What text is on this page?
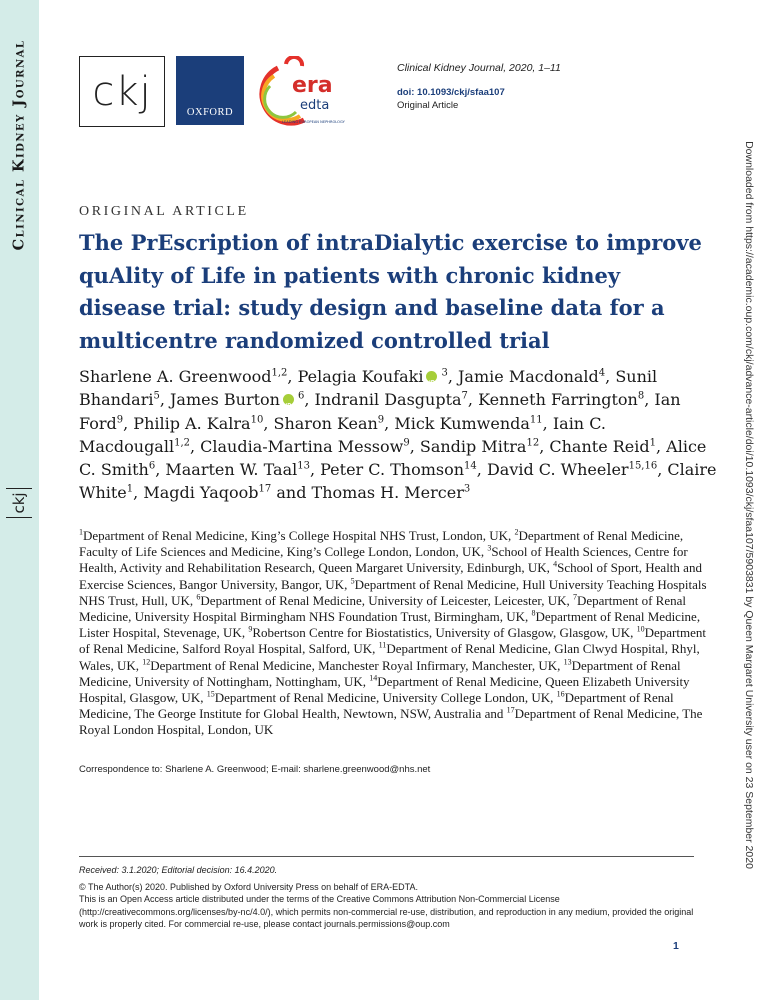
Clinical Kidney Journal
ckj
ckj	OXFORD
era
edta
LEADING EUROPEAN NEPHROLOGY
Clinical Kidney Journal, 2020, 1–11
doi: 10.1093/ckj/sfaa107
Original Article
Downloaded from https://academic.oup.com/ckj/advance-article/doi/10.1093/ckj/sfaa107/5903831 by Queen Margaret University user on 23 September 2020
ORIGINAL ARTICLE
The PrEscription of intraDialytic exercise to improve quAlity of Life in patients with chronic kidney disease trial: study design and baseline data for a multicentre randomized controlled trial
Sharlene A. Greenwood$^{1,2}$, Pelagia Koufaki iD $^3$, Jamie Macdonald$^4$, Sunil Bhandari$^5$, James Burton iD $^6$, Indranil Dasgupta$^7$, Kenneth Farrington$^8$, Ian Ford$^9$, Philip A. Kalra$^{10}$, Sharon Kean$^9$, Mick Kumwenda$^{11}$, Iain C. Macdougall$^{1,2}$, Claudia-Martina Messow$^9$, Sandip Mitra$^{12}$, Chante Reid$^1$, Alice C. Smith$^6$, Maarten W. Taal$^{13}$, Peter C. Thomson$^{14}$, David C. Wheeler$^{15,16}$, Claire White$^1$, Magdi Yaqoob$^{17}$ and Thomas H. Mercer$^3$
$^1$Department of Renal Medicine, King’s College Hospital NHS Trust, London, UK, $^2$Department of Renal Medicine, Faculty of Life Sciences and Medicine, King’s College London, London, UK, $^3$School of Health Sciences, Centre for Health, Activity and Rehabilitation Research, Queen Margaret University, Edinburgh, UK, $^4$School of Sport, Health and Exercise Sciences, Bangor University, Bangor, UK, $^5$Department of Renal Medicine, Hull University Teaching Hospitals NHS Trust, Hull, UK, $^6$Department of Renal Medicine, University of Leicester, Leicester, UK, $^7$Department of Renal Medicine, University Hospital Birmingham NHS Foundation Trust, Birmingham, UK, $^8$Department of Renal Medicine, Lister Hospital, Stevenage, UK, $^9$Robertson Centre for Biostatistics, University of Glasgow, Glasgow, UK, $^{10}$Department of Renal Medicine, Salford Royal Hospital, Salford, UK, $^{11}$Department of Renal Medicine, Glan Clwyd Hospital, Rhyl, Wales, UK, $^{12}$Department of Renal Medicine, Manchester Royal Infirmary, Manchester, UK, $^{13}$Department of Renal Medicine, University of Nottingham, Nottingham, UK, $^{14}$Department of Renal Medicine, Queen Elizabeth University Hospital, Glasgow, UK, $^{15}$Department of Renal Medicine, University College London, UK, $^{16}$Department of Renal Medicine, The George Institute for Global Health, Newtown, NSW, Australia and $^{17}$Department of Renal Medicine, The Royal London Hospital, London, UK
Correspondence to: Sharlene A. Greenwood; E-mail: sharlene.greenwood@nhs.net
Received: 3.1.2020; Editorial decision: 16.4.2020.
© The Author(s) 2020. Published by Oxford University Press on behalf of ERA-EDTA.
This is an Open Access article distributed under the terms of the Creative Commons Attribution Non-Commercial License (http://creativecommons.org/licenses/by-nc/4.0/), which permits non-commercial re-use, distribution, and reproduction in any medium, provided the original work is properly cited. For commercial re-use, please contact journals.permissions@oup.com
1
